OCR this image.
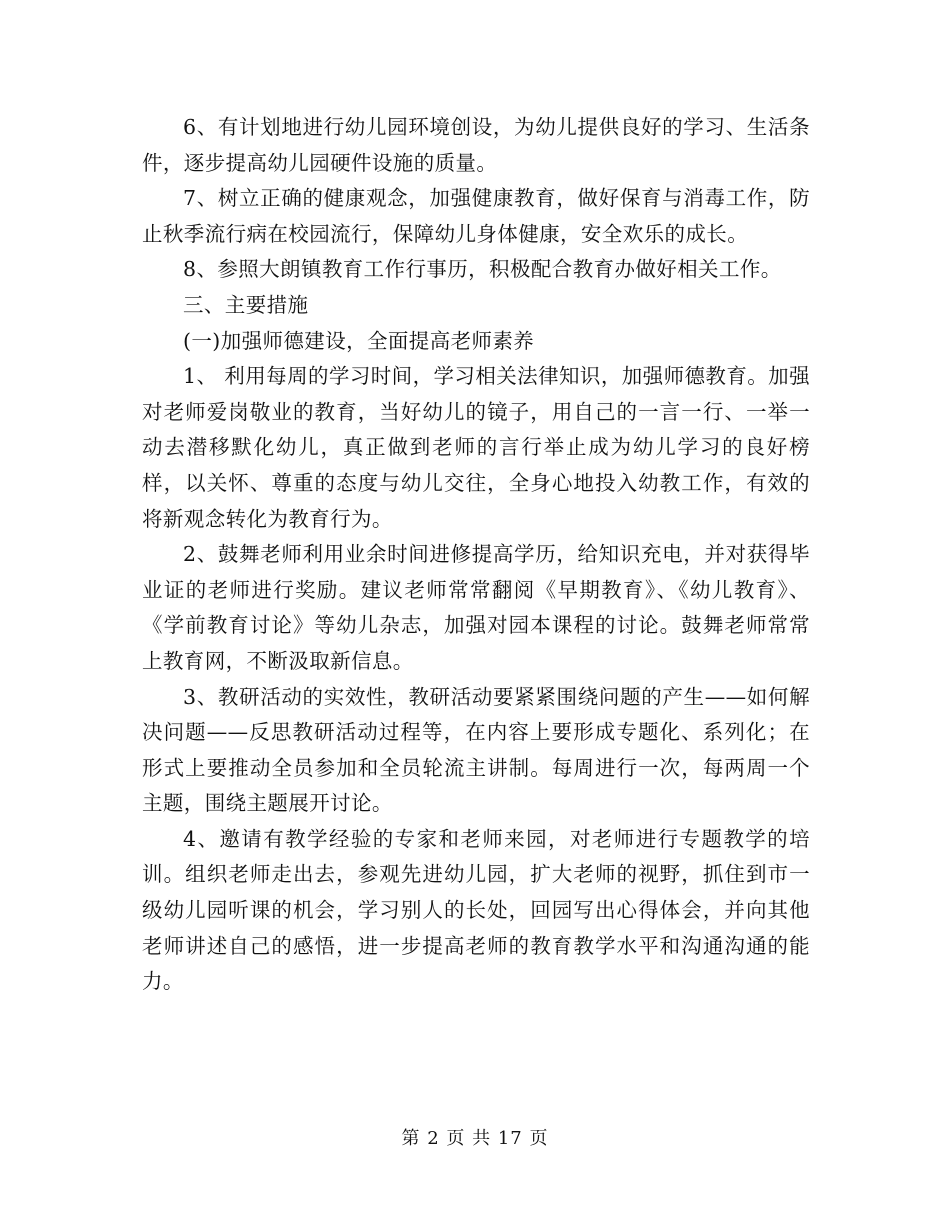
6、有计划地进行幼儿园环境创设，为幼儿提供良好的学习、生活条件，逐步提高幼儿园硬件设施的质量。

7、树立正确的健康观念，加强健康教育，做好保育与消毒工作，防止秋季流行病在校园流行，保障幼儿身体健康，安全欢乐的成长。

8、参照大朗镇教育工作行事历，积极配合教育办做好相关工作。

三、主要措施

(一)加强师德建设，全面提高老师素养

1、 利用每周的学习时间，学习相关法律知识，加强师德教育。加强对老师爱岗敬业的教育，当好幼儿的镜子，用自己的一言一行、一举一动去潜移默化幼儿，真正做到老师的言行举止成为幼儿学习的良好榜样，以关怀、尊重的态度与幼儿交往，全身心地投入幼教工作，有效的将新观念转化为教育行为。

2、鼓舞老师利用业余时间进修提高学历，给知识充电，并对获得毕业证的老师进行奖励。建议老师常常翻阅《早期教育》、《幼儿教育》、《学前教育讨论》等幼儿杂志，加强对园本课程的讨论。鼓舞老师常常上教育网，不断汲取新信息。

3、教研活动的实效性，教研活动要紧紧围绕问题的产生——如何解决问题——反思教研活动过程等，在内容上要形成专题化、系列化；在形式上要推动全员参加和全员轮流主讲制。每周进行一次，每两周一个主题，围绕主题展开讨论。

4、邀请有教学经验的专家和老师来园，对老师进行专题教学的培训。组织老师走出去，参观先进幼儿园，扩大老师的视野，抓住到市一级幼儿园听课的机会，学习别人的长处，回园写出心得体会，并向其他老师讲述自己的感悟，进一步提高老师的教育教学水平和沟通沟通的能力。

第 2 页 共 17 页
